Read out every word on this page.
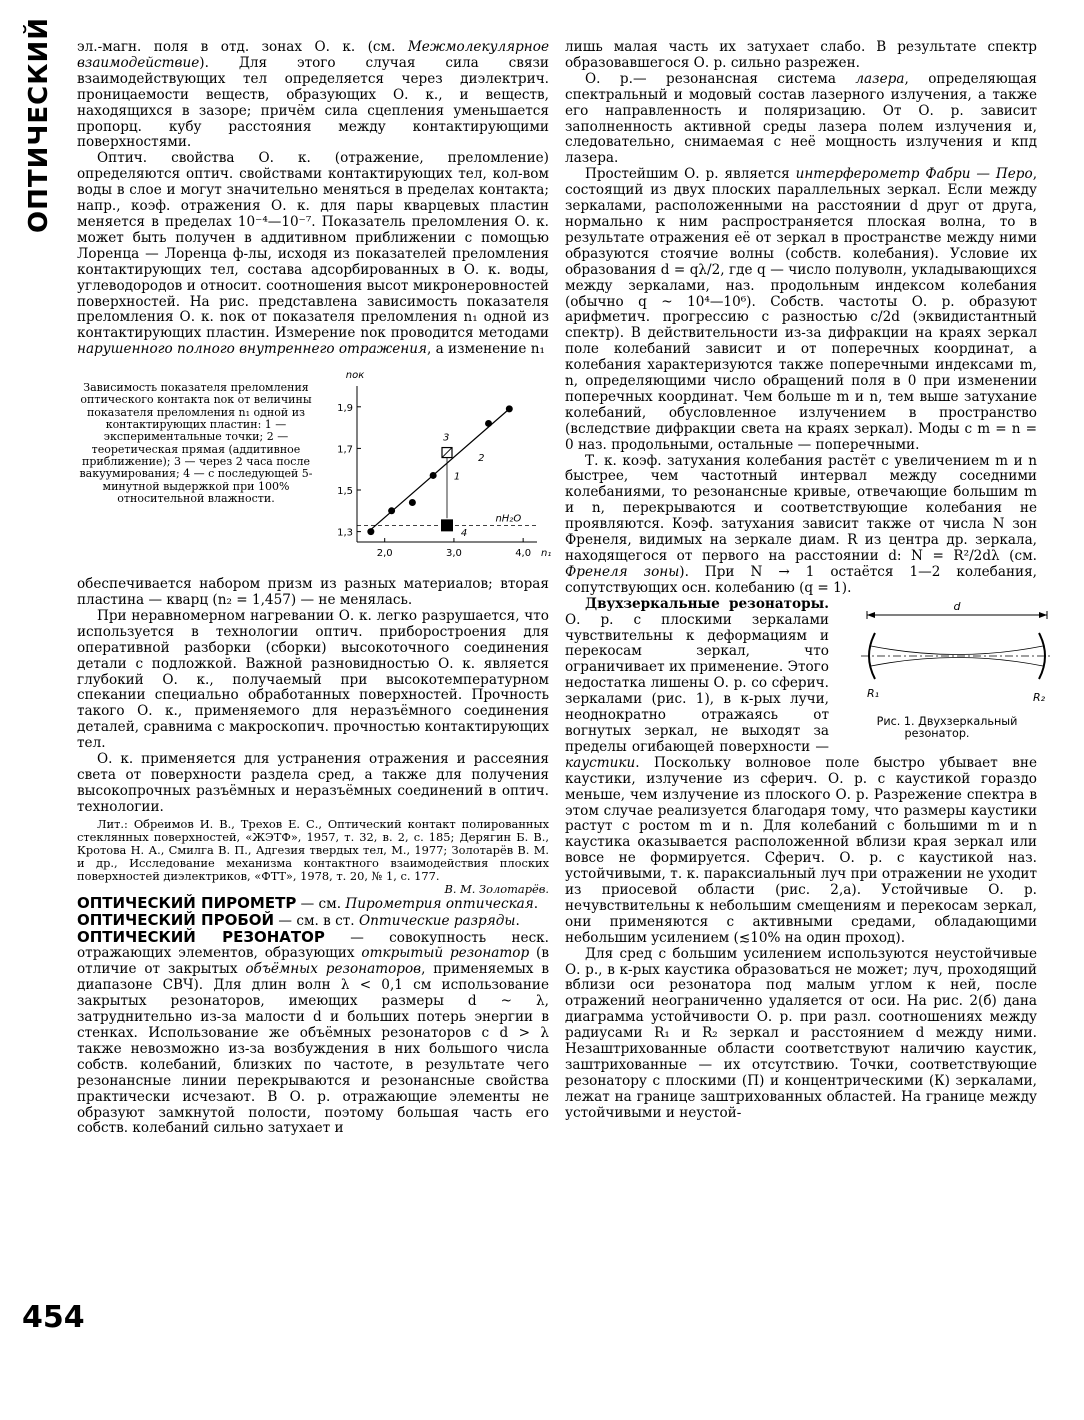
ОПТИЧЕСКИЙ
454

эл.-магн. поля в отд. зонах О. к. (см. Межмолекулярное взаимодействие). Для этого случая сила связи взаимодействующих тел определяется через диэлектрич. проницаемости веществ, образующих О. к., и веществ, находящихся в зазоре; причём сила сцепления уменьшается пропорц. кубу расстояния между контактирующими поверхностями.

Оптич. свойства О. к. (отражение, преломление) определяются оптич. свойствами контактирующих тел, кол-вом воды в слое и могут значительно меняться в пределах контакта; напр., коэф. отражения О. к. для пары кварцевых пластин меняется в пределах 10⁻⁴—10⁻⁷. Показатель преломления О. к. может быть получен в аддитивном приближении с помощью Лоренца — Лоренца ф-лы, исходя из показателей преломления контактирующих тел, состава адсорбированных в О. к. воды, углеводородов и относит. соотношения высот микронеровностей поверхностей. На рис. представлена зависимость показателя преломления О. к. nок от показателя преломления n₁ одной из контактирующих пластин. Измерение nок проводится методами нарушенного полного внутреннего отражения, а изменение n₁

Зависимость показателя преломления оптического контакта nок от величины показателя преломления n₁ одной из контактирующих пластин: 1 — экспериментальные точки; 2 — теоретическая прямая (аддитивное приближение); 3 — через 2 часа после вакуумирования; 4 — с последующей 5-минутной выдержкой при 100% относительной влажности.
nок
n₁
1,3
1,5
1,7
1,9
2,0	3,0	4,0
nH₂O
2
1
3
4

обеспечивается набором призм из разных материалов; вторая пластина — кварц (n₂ = 1,457) — не менялась.

При неравномерном нагревании О. к. легко разрушается, что используется в технологии оптич. приборостроения для оперативной разборки (сборки) высокоточного соединения детали с подложкой. Важной разновидностью О. к. является глубокий О. к., получаемый при высокотемпературном спекании специально обработанных поверхностей. Прочность такого О. к., применяемого для неразъёмного соединения деталей, сравнима с макроскопич. прочностью контактирующих тел.

О. к. применяется для устранения отражения и рассеяния света от поверхности раздела сред, а также для получения высокопрочных разъёмных и неразъёмных соединений в оптич. технологии.

Лит.: Обреимов И. В., Трехов Е. С., Оптический контакт полированных стеклянных поверхностей, «ЖЭТФ», 1957, т. 32, в. 2, с. 185; Дерягин Б. В., Кротова Н. А., Смилга В. П., Адгезия твердых тел, М., 1977; Золотарёв В. М. и др., Исследование механизма контактного взаимодействия плоских поверхностей диэлектриков, «ФТТ», 1978, т. 20, № 1, с. 177.
В. М. Золотарёв.

ОПТИЧЕСКИЙ ПИРОМЕТР — см. Пирометрия оптическая.

ОПТИЧЕСКИЙ ПРОБОЙ — см. в ст. Оптические разряды.

ОПТИЧЕСКИЙ РЕЗОНАТОР — совокупность неск. отражающих элементов, образующих открытый резонатор (в отличие от закрытых объёмных резонаторов, применяемых в диапазоне СВЧ). Для длин волн λ < 0,1 см использование закрытых резонаторов, имеющих размеры d ~ λ, затруднительно из-за малости d и больших потерь энергии в стенках. Использование же объёмных резонаторов с d > λ также невозможно из-за возбуждения в них большого числа собств. колебаний, близких по частоте, в результате чего резонансные линии перекрываются и резонансные свойства практически исчезают. В О. р. отражающие элементы не образуют замкнутой полости, поэтому большая часть его собств. колебаний сильно затухает и

лишь малая часть их затухает слабо. В результате спектр образовавшегося О. р. сильно разрежен.

О. р.— резонансная система лазера, определяющая спектральный и модовый состав лазерного излучения, а также его направленность и поляризацию. От О. р. зависит заполненность активной среды лазера полем излучения и, следовательно, снимаемая с неё мощность излучения и кпд лазера.

Простейшим О. р. является интерферометр Фабри — Перо, состоящий из двух плоских параллельных зеркал. Если между зеркалами, расположенными на расстоянии d друг от друга, нормально к ним распространяется плоская волна, то в результате отражения её от зеркал в пространстве между ними образуются стоячие волны (собств. колебания). Условие их образования d = qλ/2, где q — число полуволн, укладывающихся между зеркалами, наз. продольным индексом колебания (обычно q ~ 10⁴—10⁶). Собств. частоты О. р. образуют арифметич. прогрессию с разностью c/2d (эквидистантный спектр). В действительности из-за дифракции на краях зеркал поле колебаний зависит и от поперечных координат, а колебания характеризуются также поперечными индексами m, n, определяющими число обращений поля в 0 при изменении поперечных координат. Чем больше m и n, тем выше затухание колебаний, обусловленное излучением в пространство (вследствие дифракции света на краях зеркал). Моды с m = n = 0 наз. продольными, остальные — поперечными.

Т. к. коэф. затухания колебания растёт с увеличением m и n быстрее, чем частотный интервал между соседними колебаниями, то резонансные кривые, отвечающие большим m и n, перекрываются и соответствующие колебания не проявляются. Коэф. затухания зависит также от числа N зон Френеля, видимых на зеркале диам. R из центра др. зеркала, находящегося от первого на расстоянии d: N = R²/2dλ (см. Френеля зоны). При N → 1 остаётся 1—2 колебания, сопутствующих осн. колебанию (q = 1).

d
R₁	R₂
Рис. 1. Двухзеркальный резонатор.
Двухзеркальные резонаторы. О. р. с плоскими зеркалами чувствительны к деформациям и перекосам зеркал, что ограничивает их применение. Этого недостатка лишены О. р. со сферич. зеркалами (рис. 1), в к-рых лучи, неоднократно отражаясь от вогнутых зеркал, не выходят за пределы огибающей поверхности — каустики. Поскольку волновое поле быстро убывает вне каустики, излучение из сферич. О. р. с каустикой гораздо меньше, чем излучение из плоского О. р. Разрежение спектра в этом случае реализуется благодаря тому, что размеры каустики растут с ростом m и n. Для колебаний с большими m и n каустика оказывается расположенной вблизи края зеркал или вовсе не формируется. Сферич. О. р. с каустикой наз. устойчивыми, т. к. параксиальный луч при отражении не уходит из приосевой области (рис. 2,а). Устойчивые О. р. нечувствительны к небольшим смещениям и перекосам зеркал, они применяются с активными средами, обладающими небольшим усилением (≲10% на один проход).

Для сред с большим усилением используются неустойчивые О. р., в к-рых каустика образоваться не может; луч, проходящий вблизи оси резонатора под малым углом к ней, после отражений неограниченно удаляется от оси. На рис. 2(б) дана диаграмма устойчивости О. р. при разл. соотношениях между радиусами R₁ и R₂ зеркал и расстоянием d между ними. Незаштрихованные области соответствуют наличию каустик, заштрихованные — их отсутствию. Точки, соответствующие резонатору с плоскими (П) и концентрическими (К) зеркалами, лежат на границе заштрихованных областей. На границе между устойчивыми и неустой-
